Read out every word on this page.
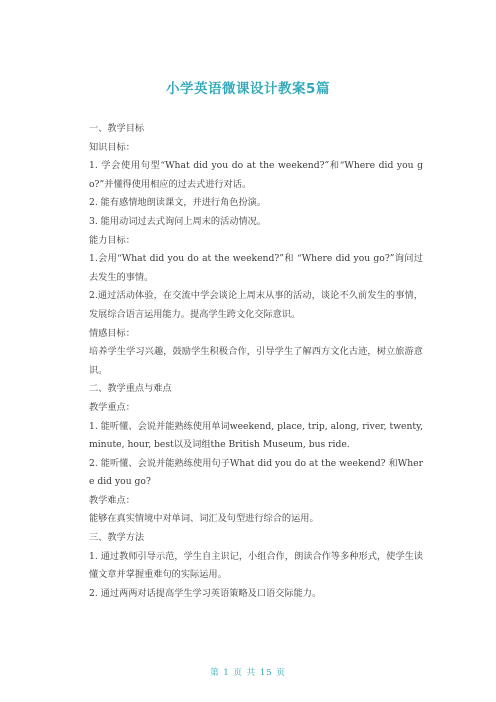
小学英语微课设计教案5篇

一、教学目标

知识目标：

1. 学会使用句型“What did you do at the weekend?”和“Where did you go?”并懂得使用相应的过去式进行对话。

2. 能有感情地朗读课文，并进行角色扮演。

3. 能用动词过去式询问上周末的活动情况。

能力目标：

1.会用“What did you do at the weekend?”和 “Where did you go?”询问过去发生的事情。

2.通过活动体验，在交流中学会谈论上周末从事的活动，谈论不久前发生的事情，发展综合语言运用能力。提高学生跨文化交际意识。

情感目标：

培养学生学习兴趣，鼓励学生积极合作，引导学生了解西方文化古迹，树立旅游意识。

二、教学重点与难点

教学重点：

1. 能听懂、会说并能熟练使用单词weekend, place, trip, along, river, twenty, minute, hour, best以及词组the British Museum, bus ride.

2. 能听懂、会说并能熟练使用句子What did you do at the weekend? 和Where did you go?

教学难点：

能够在真实情境中对单词、词汇及句型进行综合的运用。

三、教学方法

1. 通过教师引导示范，学生自主识记，小组合作，朗读合作等多种形式，使学生读懂文章并掌握重难句的实际运用。

2. 通过两两对话提高学生学习英语策略及口语交际能力。

第 1 页 共 15 页
